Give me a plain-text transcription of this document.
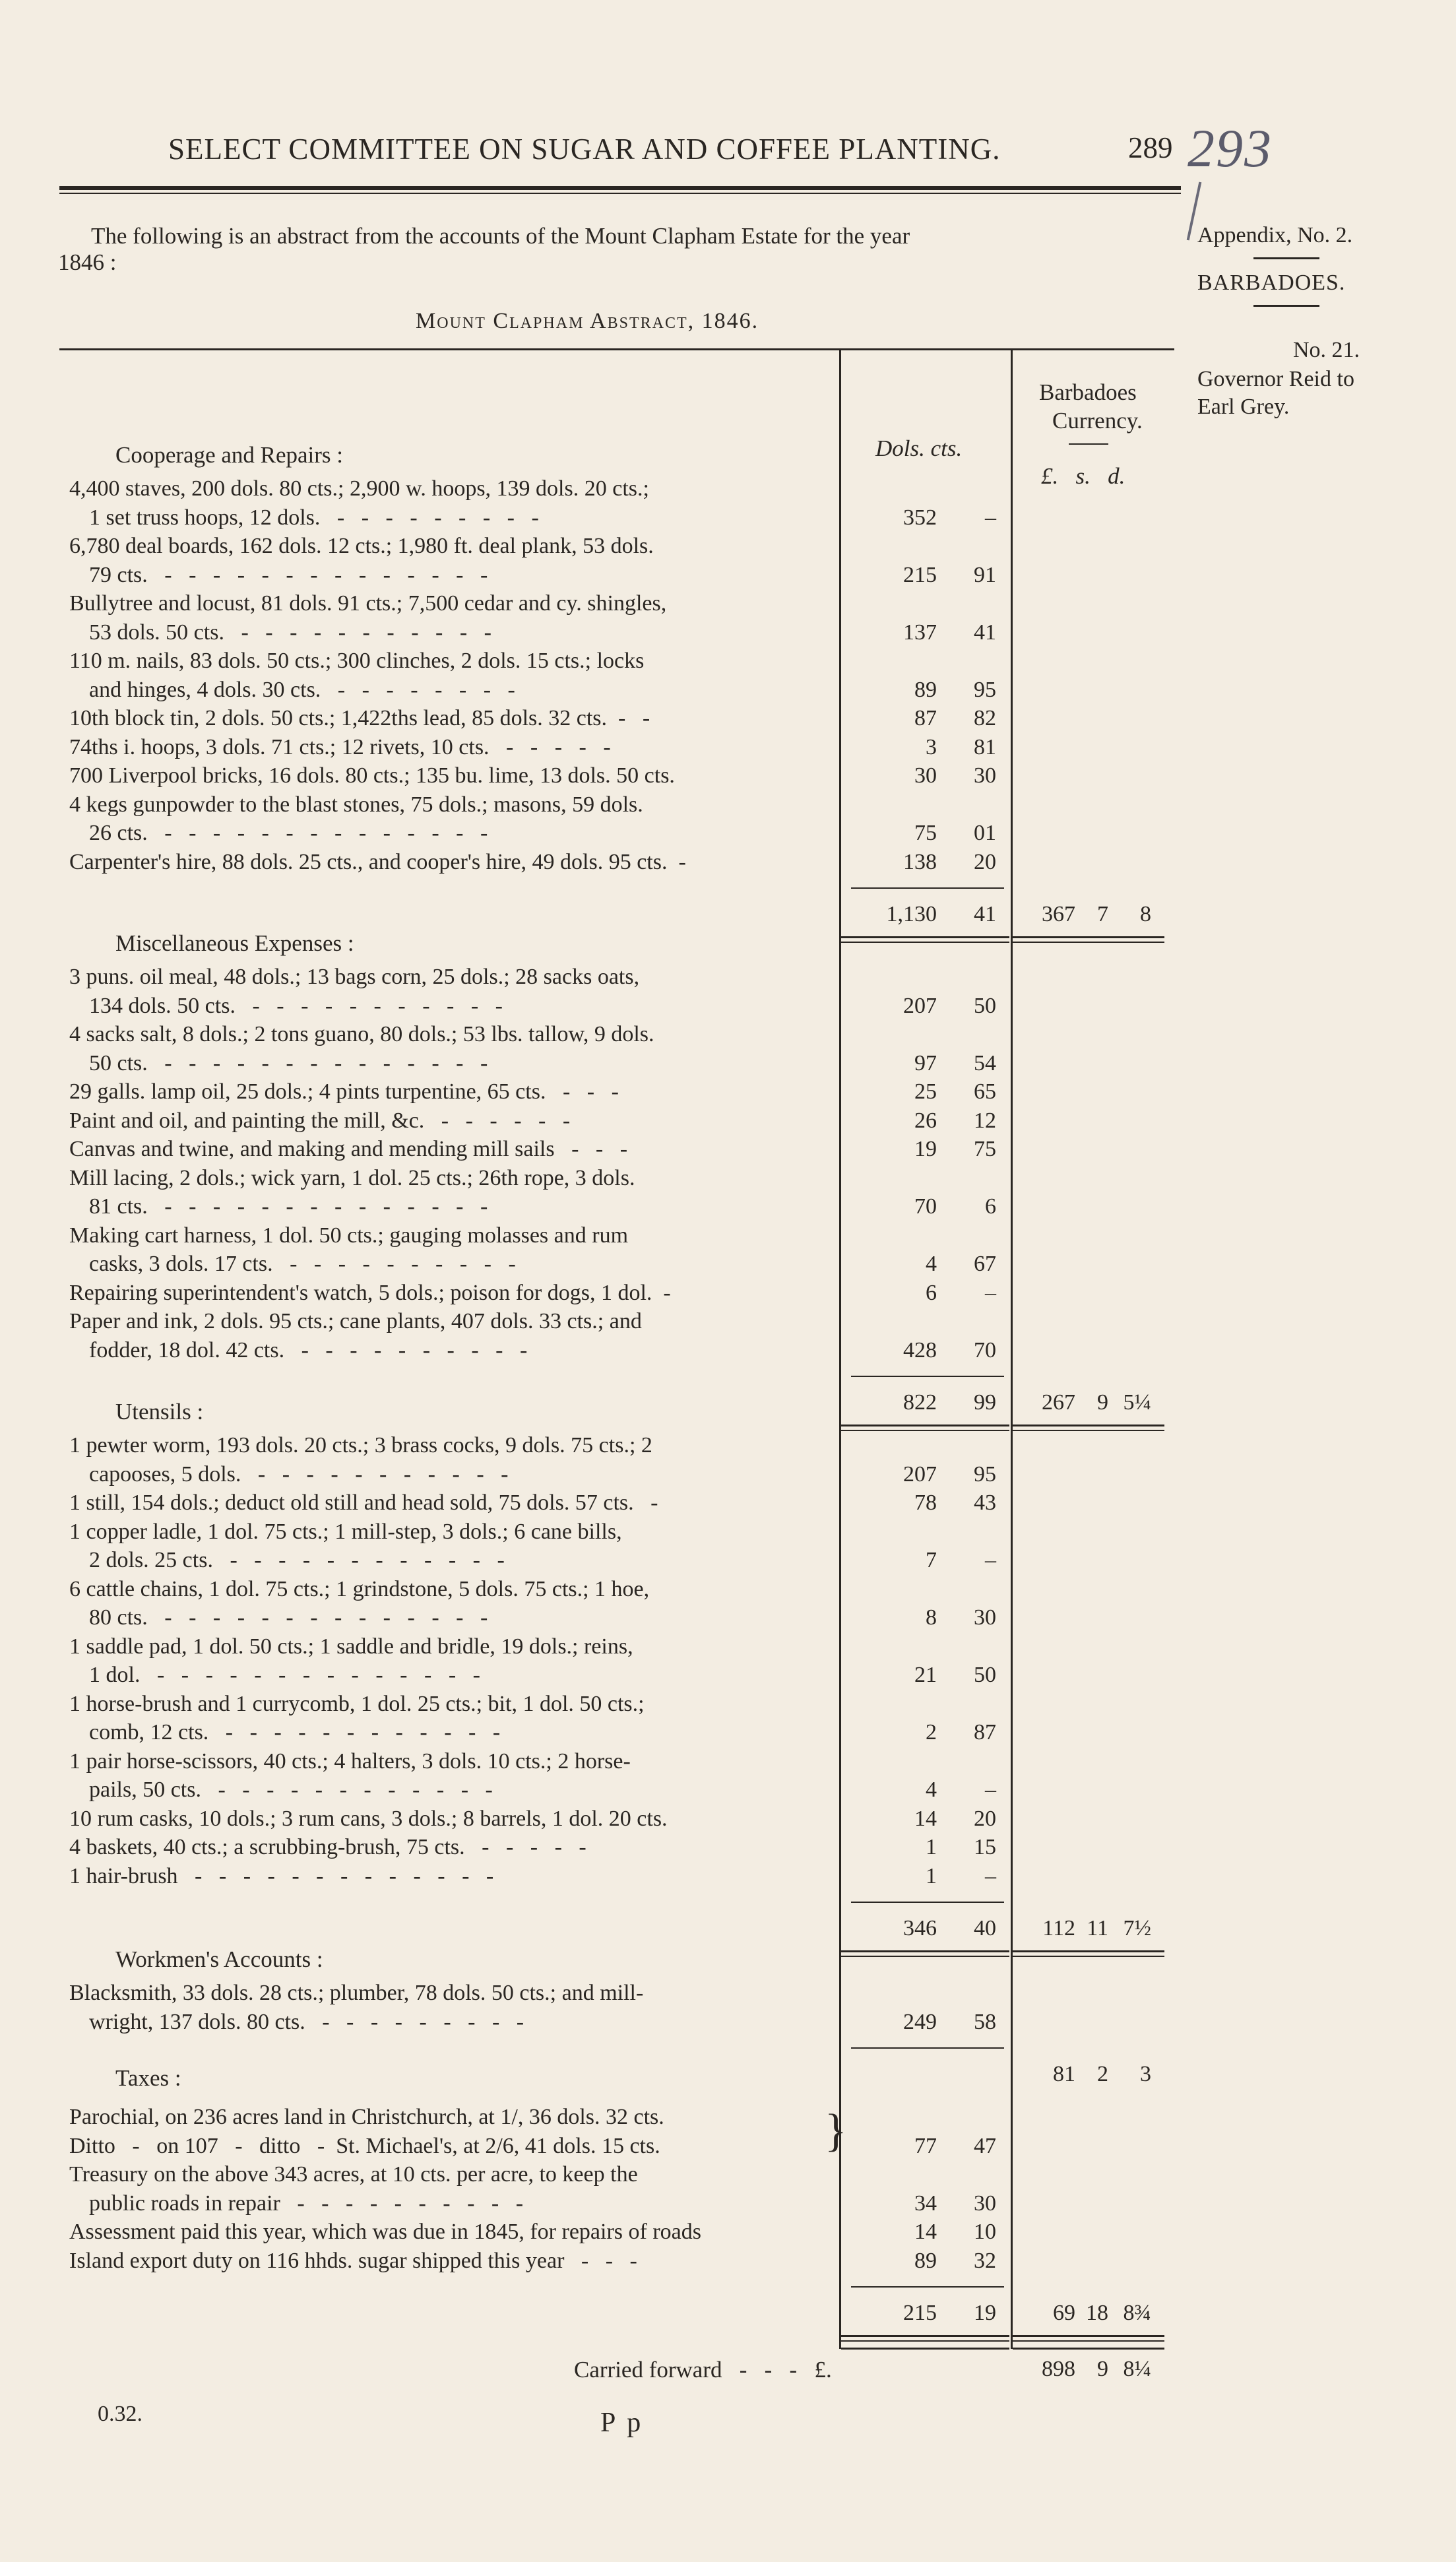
SELECT COMMITTEE ON SUGAR AND COFFEE PLANTING.	289 293
Appendix, No. 2.
BARBADOES.
No. 21.
Governor Reid to
Earl Grey.
The following is an abstract from the accounts of the Mount Clapham Estate for the year
1846 :
Mount Clapham Abstract, 1846.
Barbadoes
Currency.
Dols. cts.
£.   s.   d.
Cooperage and Repairs :
4,400 staves, 200 dols. 80 cts.; 2,900 w. hoops, 139 dols. 20 cts.;
1 set truss hoops, 12 dols.   -   -   -   -   -   -   -   -   -	352	–
6,780 deal boards, 162 dols. 12 cts.; 1,980 ft. deal plank, 53 dols.
79 cts.   -   -   -   -   -   -   -   -   -   -   -   -   -   -	215	91
Bullytree and locust, 81 dols. 91 cts.; 7,500 cedar and cy. shingles,
53 dols. 50 cts.   -   -   -   -   -   -   -   -   -   -   -	137	41
110 m. nails, 83 dols. 50 cts.; 300 clinches, 2 dols. 15 cts.; locks
and hinges, 4 dols. 30 cts.   -   -   -   -   -   -   -   -	89	95
10th block tin, 2 dols. 50 cts.; 1,422ths lead, 85 dols. 32 cts.  -   -	87	82
74ths i. hoops, 3 dols. 71 cts.; 12 rivets, 10 cts.   -   -   -   -   -	3	81
700 Liverpool bricks, 16 dols. 80 cts.; 135 bu. lime, 13 dols. 50 cts.	30	30
4 kegs gunpowder to the blast stones, 75 dols.; masons, 59 dols.
26 cts.   -   -   -   -   -   -   -   -   -   -   -   -   -   -	75	01
Carpenter's hire, 88 dols. 25 cts., and cooper's hire, 49 dols. 95 cts.  -	138	20
1,130	41	367 7	8
Miscellaneous Expenses :
3 puns. oil meal, 48 dols.; 13 bags corn, 25 dols.; 28 sacks oats,
134 dols. 50 cts.   -   -   -   -   -   -   -   -   -   -   -	207	50
4 sacks salt, 8 dols.; 2 tons guano, 80 dols.; 53 lbs. tallow, 9 dols.
50 cts.   -   -   -   -   -   -   -   -   -   -   -   -   -   -	97	54
29 galls. lamp oil, 25 dols.; 4 pints turpentine, 65 cts.   -   -   -	25	65
Paint and oil, and painting the mill, &c.   -   -   -   -   -   -	26	12
Canvas and twine, and making and mending mill sails   -   -   -	19	75
Mill lacing, 2 dols.; wick yarn, 1 dol. 25 cts.; 26th rope, 3 dols.
81 cts.   -   -   -   -   -   -   -   -   -   -   -   -   -   -	70	6
Making cart harness, 1 dol. 50 cts.; gauging molasses and rum
casks, 3 dols. 17 cts.   -   -   -   -   -   -   -   -   -   -	4	67
Repairing superintendent's watch, 5 dols.; poison for dogs, 1 dol.  -	6	–
Paper and ink, 2 dols. 95 cts.; cane plants, 407 dols. 33 cts.; and
fodder, 18 dol. 42 cts.   -   -   -   -   -   -   -   -   -   -	428	70
822	99	267 9 5¼
Utensils :
1 pewter worm, 193 dols. 20 cts.; 3 brass cocks, 9 dols. 75 cts.; 2
capooses, 5 dols.   -   -   -   -   -   -   -   -   -   -   -	207	95
1 still, 154 dols.; deduct old still and head sold, 75 dols. 57 cts.   -	78	43
1 copper ladle, 1 dol. 75 cts.; 1 mill-step, 3 dols.; 6 cane bills,
2 dols. 25 cts.   -   -   -   -   -   -   -   -   -   -   -   -	7	–
6 cattle chains, 1 dol. 75 cts.; 1 grindstone, 5 dols. 75 cts.; 1 hoe,
80 cts.   -   -   -   -   -   -   -   -   -   -   -   -   -   -	8	30
1 saddle pad, 1 dol. 50 cts.; 1 saddle and bridle, 19 dols.; reins,
1 dol.   -   -   -   -   -   -   -   -   -   -   -   -   -   -	21	50
1 horse-brush and 1 currycomb, 1 dol. 25 cts.; bit, 1 dol. 50 cts.;
comb, 12 cts.   -   -   -   -   -   -   -   -   -   -   -   -	2	87
1 pair horse-scissors, 40 cts.; 4 halters, 3 dols. 10 cts.; 2 horse-
pails, 50 cts.   -   -   -   -   -   -   -   -   -   -   -   -	4	–
10 rum casks, 10 dols.; 3 rum cans, 3 dols.; 8 barrels, 1 dol. 20 cts.	14	20
4 baskets, 40 cts.; a scrubbing-brush, 75 cts.   -   -   -   -   -	1	15
1 hair-brush   -   -   -   -   -   -   -   -   -   -   -   -   -	1	–
346	40	112 11 7½
Workmen's Accounts :
Blacksmith, 33 dols. 28 cts.; plumber, 78 dols. 50 cts.; and mill-
wright, 137 dols. 80 cts.   -   -   -   -   -   -   -   -   -	249	58
81 2	3
Taxes :
Parochial, on 236 acres land in Christchurch, at 1/, 36 dols. 32 cts.
Ditto   -   on 107   -   ditto   -  St. Michael's, at 2/6, 41 dols. 15 cts.	77	47
Treasury on the above 343 acres, at 10 cts. per acre, to keep the
public roads in repair   -   -   -   -   -   -   -   -   -   -	34	30
Assessment paid this year, which was due in 1845, for repairs of roads	14	10
Island export duty on 116 hhds. sugar shipped this year   -   -   -	89	32
215	19	69 18 8¾
}
Carried forward   -   -   -   £.	898 9 8¼
0.32.	P p
